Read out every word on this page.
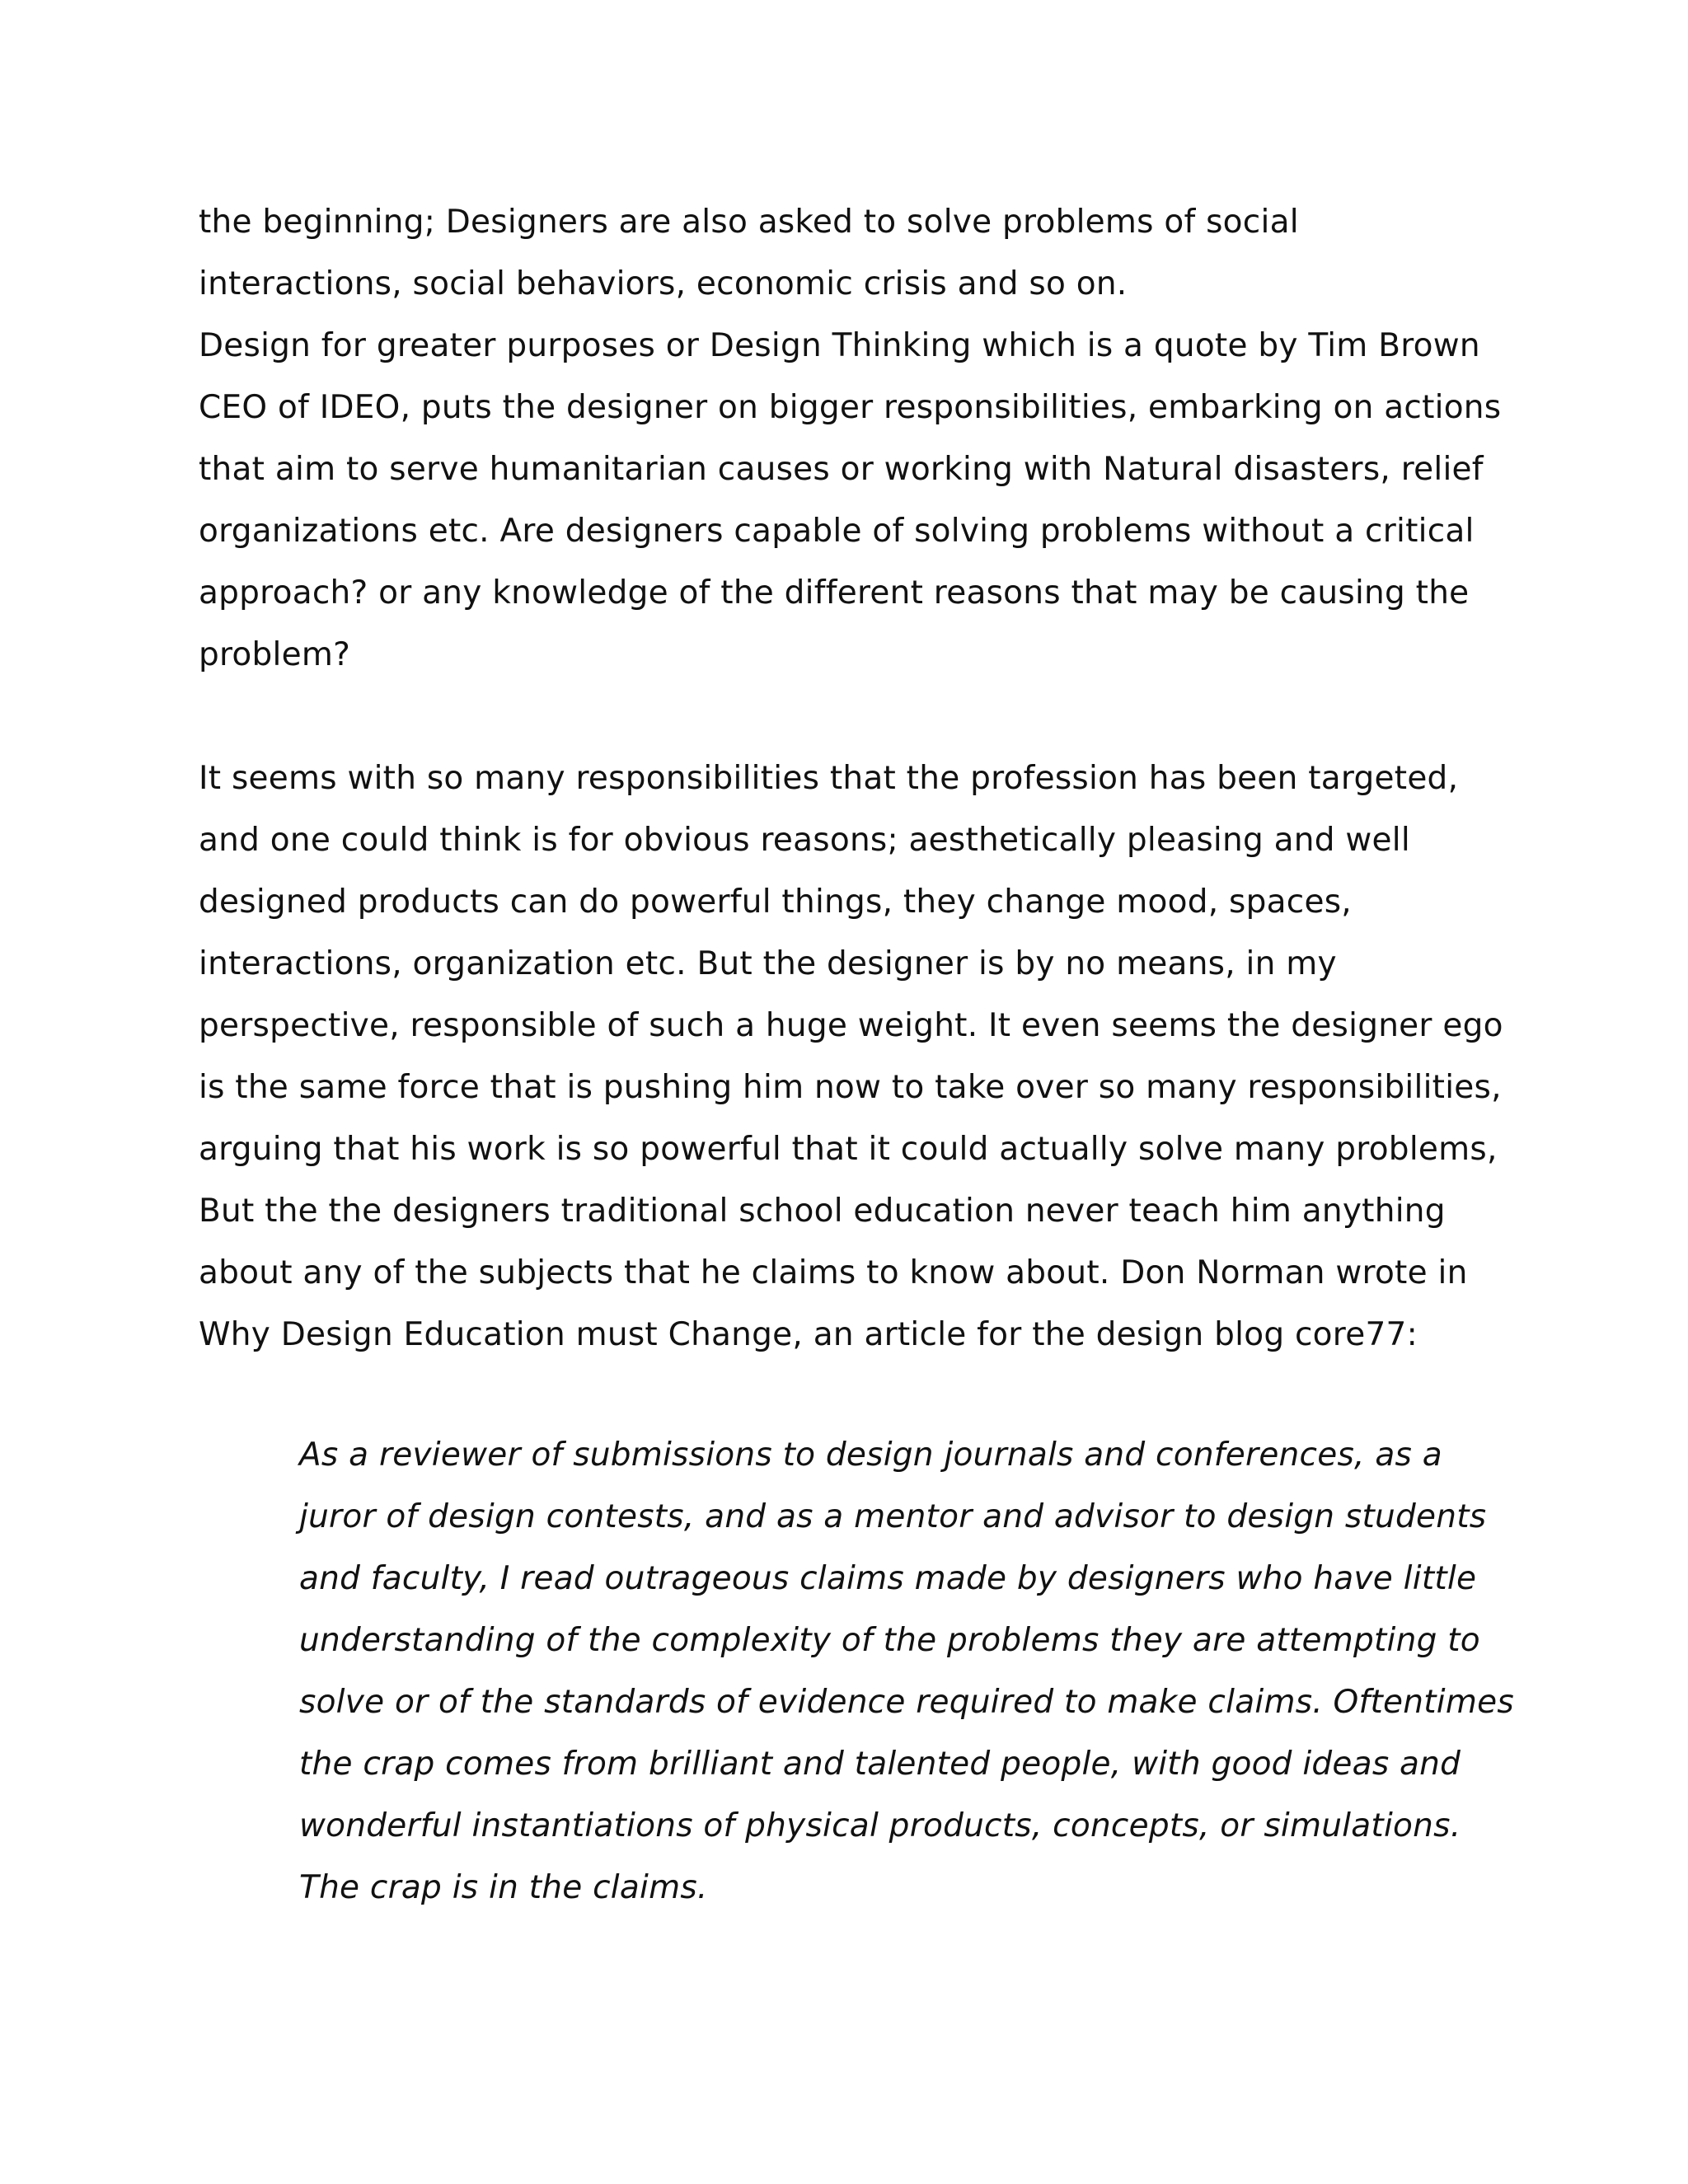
the beginning; Designers are also asked to solve problems of social
interactions, social behaviors, economic crisis and so on.
Design for greater purposes or Design Thinking which is a quote by Tim Brown
CEO of IDEO, puts the designer on bigger responsibilities, embarking on actions
that aim to serve humanitarian causes or working with Natural disasters, relief
organizations etc. Are designers capable of solving problems without a critical
approach? or any knowledge of the different reasons that may be causing the
problem?
It seems with so many responsibilities that the profession has been targeted,
and one could think is for obvious reasons; aesthetically pleasing and well
designed products can do powerful things, they change mood, spaces,
interactions, organization etc. But the designer is by no means, in my
perspective, responsible of such a huge weight. It even seems the designer ego
is the same force that is pushing him now to take over so many responsibilities,
arguing that his work is so powerful that it could actually solve many problems,
But the the designers traditional school education never teach him anything
about any of the subjects that he claims to know about. Don Norman wrote in
Why Design Education must Change, an article for the design blog core77:
As a reviewer of submissions to design journals and conferences, as a
juror of design contests, and as a mentor and advisor to design students
and faculty, I read outrageous claims made by designers who have little
understanding of the complexity of the problems they are attempting to
solve or of the standards of evidence required to make claims. Oftentimes
the crap comes from brilliant and talented people, with good ideas and
wonderful instantiations of physical products, concepts, or simulations.
The crap is in the claims.
